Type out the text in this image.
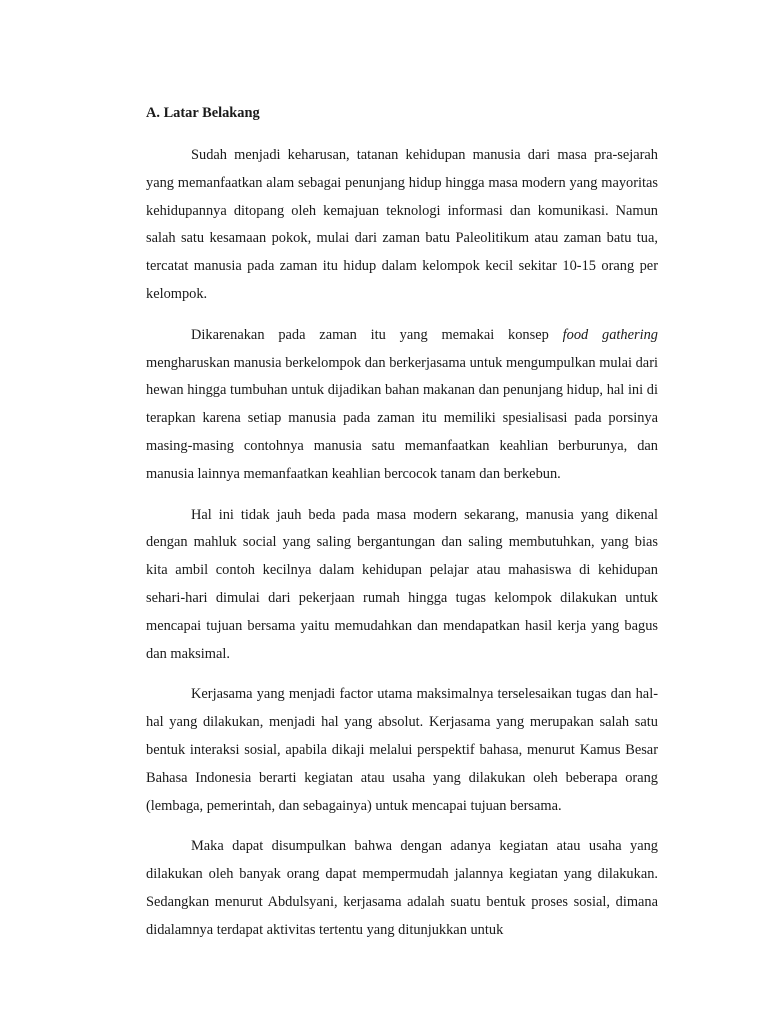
A. Latar Belakang

Sudah menjadi keharusan, tatanan kehidupan manusia dari masa pra-sejarah yang memanfaatkan alam sebagai penunjang hidup hingga masa modern yang mayoritas kehidupannya ditopang oleh kemajuan teknologi informasi dan komunikasi. Namun salah satu kesamaan pokok, mulai dari zaman batu Paleolitikum atau zaman batu tua, tercatat manusia pada zaman itu hidup dalam kelompok kecil sekitar 10-15 orang per kelompok.

Dikarenakan pada zaman itu yang memakai konsep food gathering mengharuskan manusia berkelompok dan berkerjasama untuk mengumpulkan mulai dari hewan hingga tumbuhan untuk dijadikan bahan makanan dan penunjang hidup, hal ini di terapkan karena setiap manusia pada zaman itu memiliki spesialisasi pada porsinya masing-masing contohnya manusia satu memanfaatkan keahlian berburunya, dan manusia lainnya memanfaatkan keahlian bercocok tanam dan berkebun.

Hal ini tidak jauh beda pada masa modern sekarang, manusia yang dikenal dengan mahluk social yang saling bergantungan dan saling membutuhkan, yang bias kita ambil contoh kecilnya dalam kehidupan pelajar atau mahasiswa di kehidupan sehari-hari dimulai dari pekerjaan rumah hingga tugas kelompok dilakukan untuk mencapai tujuan bersama yaitu memudahkan dan mendapatkan hasil kerja yang bagus dan maksimal.

Kerjasama yang menjadi factor utama maksimalnya terselesaikan tugas dan hal-hal yang dilakukan, menjadi hal yang absolut. Kerjasama yang merupakan salah satu bentuk interaksi sosial, apabila dikaji melalui perspektif bahasa, menurut Kamus Besar Bahasa Indonesia berarti kegiatan atau usaha yang dilakukan oleh beberapa orang (lembaga, pemerintah, dan sebagainya) untuk mencapai tujuan bersama.

Maka dapat disumpulkan bahwa dengan adanya kegiatan atau usaha yang dilakukan oleh banyak orang dapat mempermudah jalannya kegiatan yang dilakukan. Sedangkan menurut Abdulsyani, kerjasama adalah suatu bentuk proses sosial, dimana didalamnya terdapat aktivitas tertentu yang ditunjukkan untuk
